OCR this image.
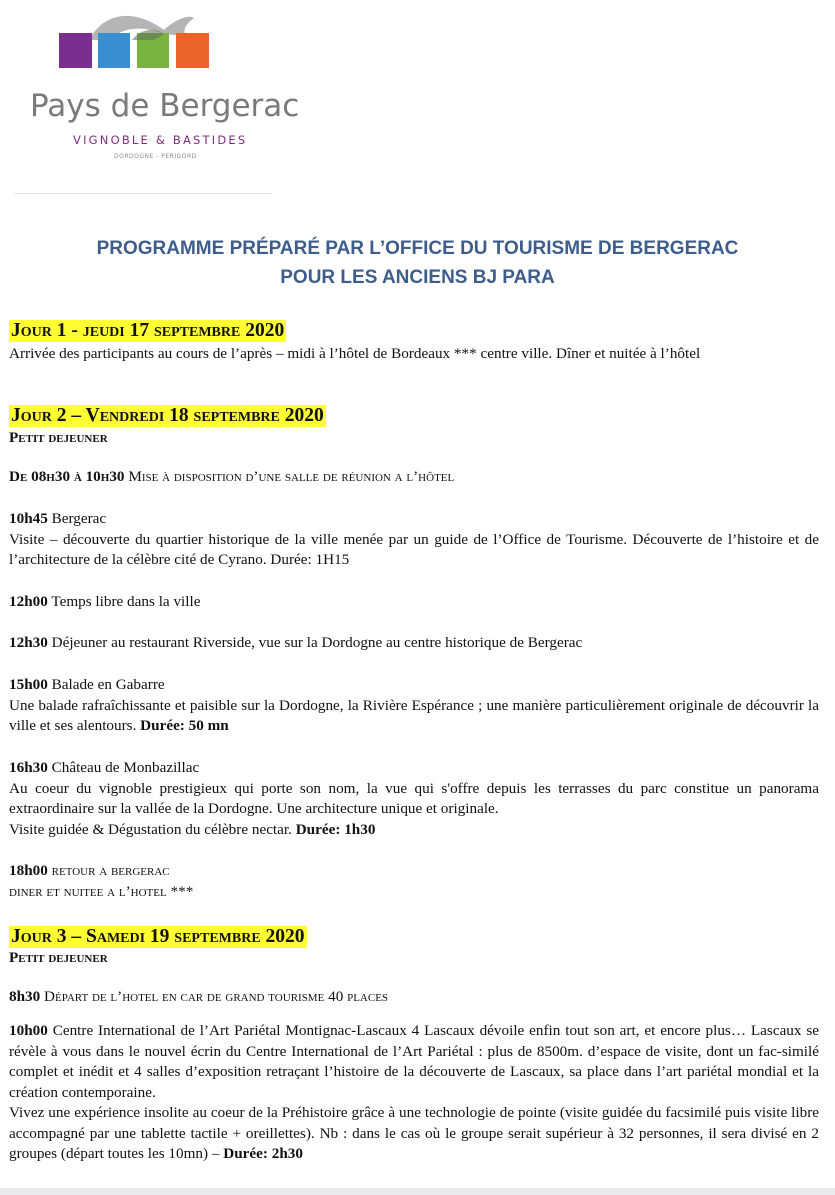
Pays de Bergerac
VIGNOBLE & BASTIDES
DORDOGNE - PERIGORD
PROGRAMME PRÉPARÉ PAR L’OFFICE DU TOURISME DE BERGERAC
POUR LES ANCIENS BJ PARA
Jour 1 - jeudi 17 septembre 2020
Arrivée des participants au cours de l’après – midi à l’hôtel de Bordeaux *** centre ville. Dîner et nuitée à l’hôtel
Jour 2 – Vendredi 18 septembre 2020
Petit dejeuner
De 08h30 à 10h30 Mise à disposition d’une salle de réunion a l’hôtel
10h45 Bergerac
Visite – découverte du quartier historique de la ville menée par un guide de l’Office de Tourisme. Découverte de l’histoire et de l’architecture de la célèbre cité de Cyrano. Durée: 1H15
12h00 Temps libre dans la ville
12h30 Déjeuner au restaurant Riverside, vue sur la Dordogne au centre historique de Bergerac
15h00 Balade en Gabarre
Une balade rafraîchissante et paisible sur la Dordogne, la Rivière Espérance ; une manière particulièrement originale de découvrir la ville et ses alentours. Durée: 50 mn
16h30 Château de Monbazillac
Au coeur du vignoble prestigieux qui porte son nom, la vue qui s'offre depuis les terrasses du parc constitue un panorama extraordinaire sur la vallée de la Dordogne. Une architecture unique et originale.
Visite guidée & Dégustation du célèbre nectar. Durée: 1h30
18h00 retour a bergerac
diner et nuitee a l’hotel ***
Jour 3 – Samedi 19 septembre 2020
Petit dejeuner
8h30 Départ de l’hotel en car de grand tourisme 40 places
10h00 Centre International de l’Art Pariétal Montignac-Lascaux 4 Lascaux dévoile enfin tout son art, et encore plus… Lascaux se révèle à vous dans le nouvel écrin du Centre International de l’Art Pariétal : plus de 8500m. d’espace de visite, dont un fac-similé complet et inédit et 4 salles d’exposition retraçant l’histoire de la découverte de Lascaux, sa place dans l’art pariétal mondial et la création contemporaine.
Vivez une expérience insolite au coeur de la Préhistoire grâce à une technologie de pointe (visite guidée du facsimilé puis visite libre accompagné par une tablette tactile + oreillettes). Nb : dans le cas où le groupe serait supérieur à 32 personnes, il sera divisé en 2 groupes (départ toutes les 10mn) – Durée: 2h30
